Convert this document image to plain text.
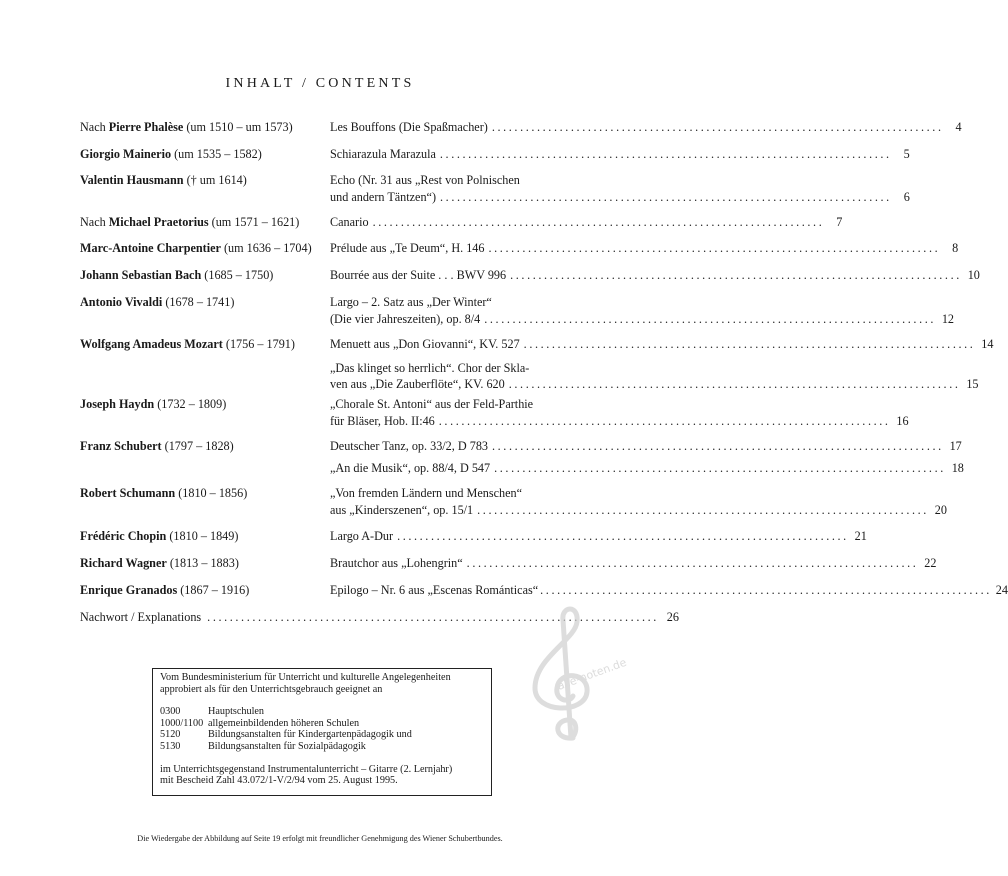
INHALT / CONTENTS
Nach Pierre Phalèse (um 1510 – um 1573)	Les Bouffons (Die Spaßmacher) ................................................................................ 4
Giorgio Mainerio (um 1535 – 1582)	Schiarazula Marazula ................................................................................ 5
Valentin Hausmann († um 1614)	Echo (Nr. 31 aus „Rest von Polnischen
und andern Täntzen“) ................................................................................ 6
Nach Michael Praetorius (um 1571 – 1621)	Canario ................................................................................ 7
Marc-Antoine Charpentier (um 1636 – 1704)	Prélude aus „Te Deum“, H. 146 ................................................................................ 8
Johann Sebastian Bach (1685 – 1750)	Bourrée aus der Suite . . . BWV 996 ................................................................................ 10
Antonio Vivaldi (1678 – 1741)	Largo – 2. Satz aus „Der Winter“
(Die vier Jahreszeiten), op. 8/4 ................................................................................ 12
Wolfgang Amadeus Mozart (1756 – 1791)	Menuett aus „Don Giovanni“, KV. 527 ................................................................................ 14
„Das klinget so herrlich“. Chor der Skla-
ven aus „Die Zauberflöte“, KV. 620 ................................................................................ 15
Joseph Haydn (1732 – 1809)	„Chorale St. Antoni“ aus der Feld-Parthie
für Bläser, Hob. II:46 ................................................................................ 16
Franz Schubert (1797 – 1828)	Deutscher Tanz, op. 33/2, D 783 ................................................................................ 17
„An die Musik“, op. 88/4, D 547 ................................................................................ 18
Robert Schumann (1810 – 1856)	„Von fremden Ländern und Menschen“
aus „Kinderszenen“, op. 15/1 ................................................................................ 20
Frédéric Chopin (1810 – 1849)	Largo A-Dur ................................................................................ 21
Richard Wagner (1813 – 1883)	Brautchor aus „Lohengrin“ ................................................................................ 22
Enrique Granados (1867 – 1916)	Epilogo – Nr. 6 aus „Escenas Románticas“ ................................................................................ 24
Nachwort / Explanations ................................................................................ 26
Vom Bundesministerium für Unterricht und kulturelle Angelegenheiten
approbiert als für den Unterrichtsgebrauch geeignet an
0300	Hauptschulen
1000/1100 allgemeinbildenden höheren Schulen
5120	Bildungsanstalten für Kindergartenpädagogik und
5130	Bildungsanstalten für Sozialpädagogik
im Unterrichtsgegenstand Instrumentalunterricht – Gitarre (2. Lernjahr)
mit Bescheid Zahl 43.072/1-V/2/94 vom 25. August 1995.
alle-noten.de
Die Wiedergabe der Abbildung auf Seite 19 erfolgt mit freundlicher Genehmigung des Wiener Schubertbundes.
